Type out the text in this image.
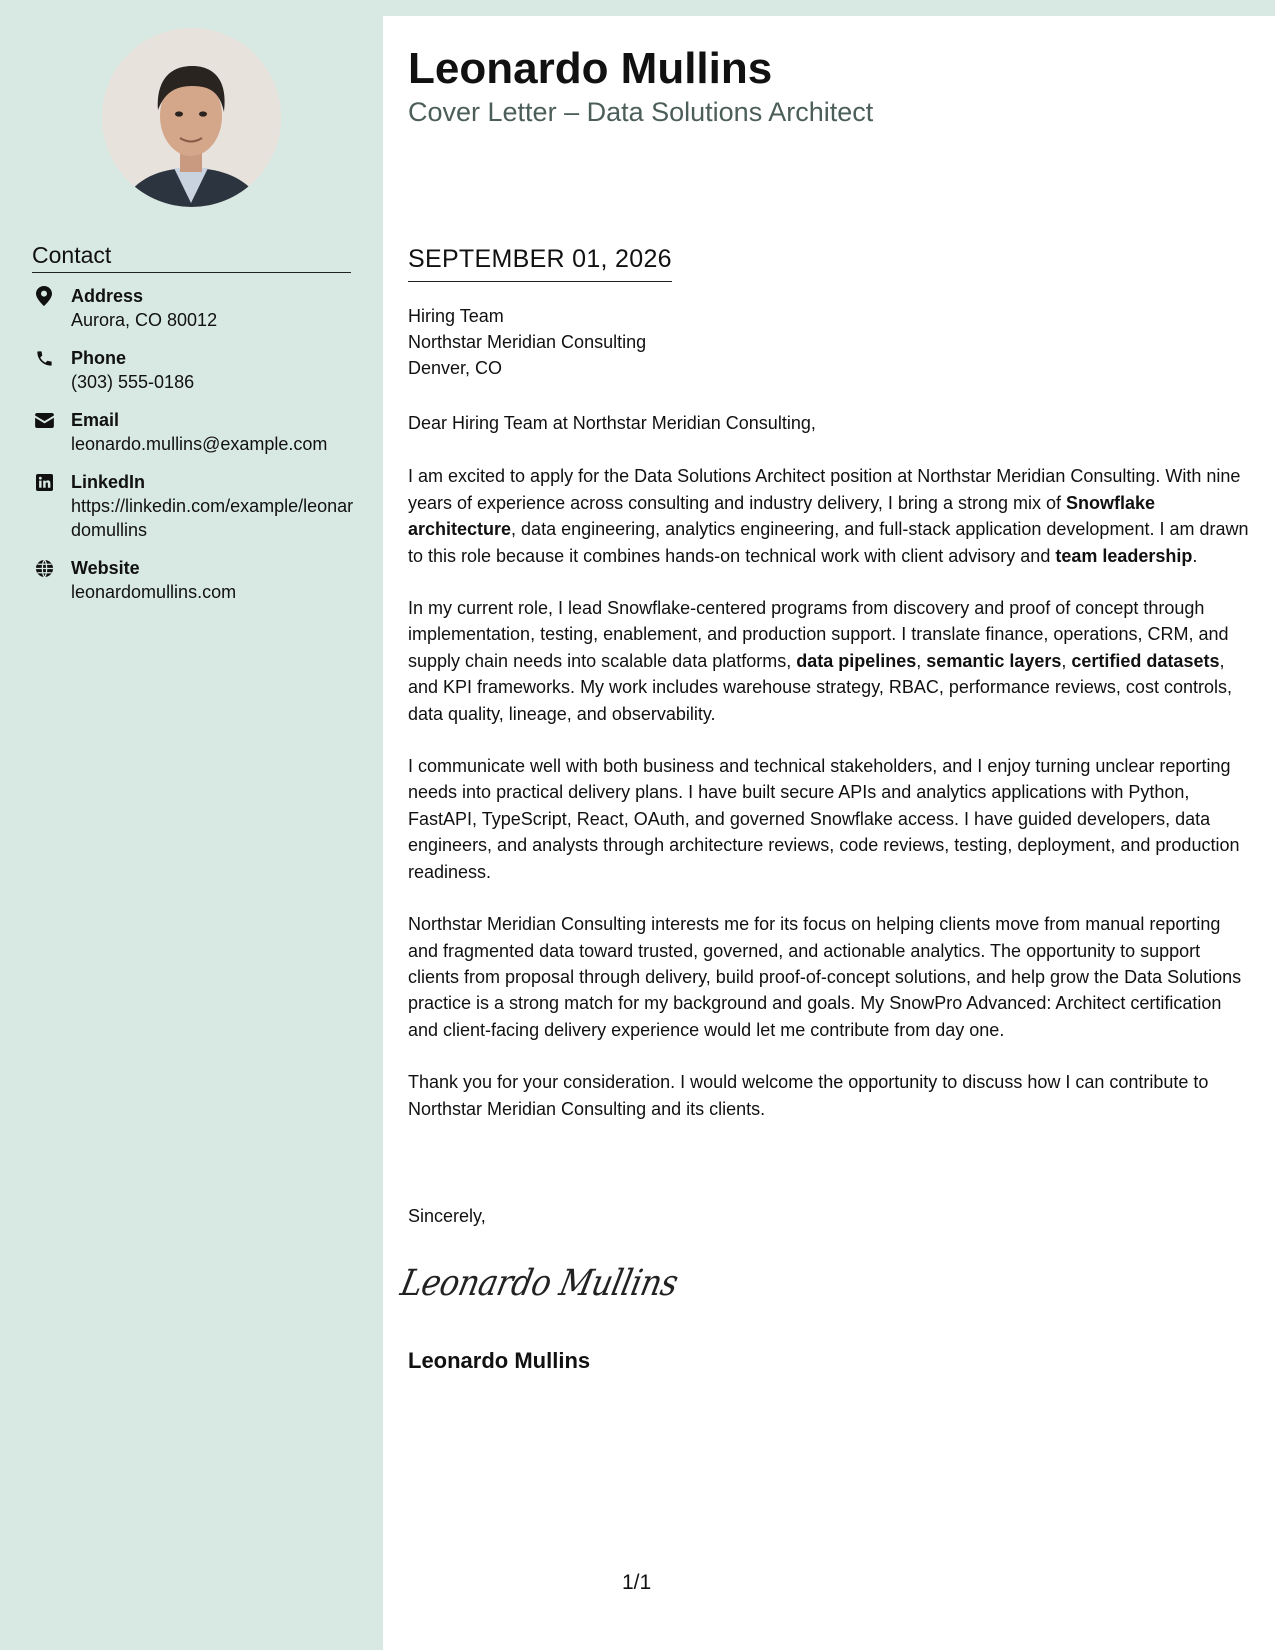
Contact
Address
Aurora, CO 80012
Phone
(303) 555-0186
Email
leonardo.mullins@example.com
LinkedIn
https://linkedin.com/example/leonardomullins
Website
leonardomullins.com
Leonardo Mullins
Cover Letter – Data Solutions Architect
SEPTEMBER 01, 2026
Hiring Team
Northstar Meridian Consulting
Denver, CO

Dear Hiring Team at Northstar Meridian Consulting,

I am excited to apply for the Data Solutions Architect position at Northstar Meridian Consulting. With nine years of experience across consulting and industry delivery, I bring a strong mix of Snowflake architecture, data engineering, analytics engineering, and full-stack application development. I am drawn to this role because it combines hands-on technical work with client advisory and team leadership.

In my current role, I lead Snowflake-centered programs from discovery and proof of concept through implementation, testing, enablement, and production support. I translate finance, operations, CRM, and supply chain needs into scalable data platforms, data pipelines, semantic layers, certified datasets, and KPI frameworks. My work includes warehouse strategy, RBAC, performance reviews, cost controls, data quality, lineage, and observability.

I communicate well with both business and technical stakeholders, and I enjoy turning unclear reporting needs into practical delivery plans. I have built secure APIs and analytics applications with Python, FastAPI, TypeScript, React, OAuth, and governed Snowflake access. I have guided developers, data engineers, and analysts through architecture reviews, code reviews, testing, deployment, and production readiness.

Northstar Meridian Consulting interests me for its focus on helping clients move from manual reporting and fragmented data toward trusted, governed, and actionable analytics. The opportunity to support clients from proposal through delivery, build proof-of-concept solutions, and help grow the Data Solutions practice is a strong match for my background and goals. My SnowPro Advanced: Architect certification and client-facing delivery experience would let me contribute from day one.

Thank you for your consideration. I would welcome the opportunity to discuss how I can contribute to Northstar Meridian Consulting and its clients.

Sincerely,
Leonardo Mullins
Leonardo Mullins
1/1
